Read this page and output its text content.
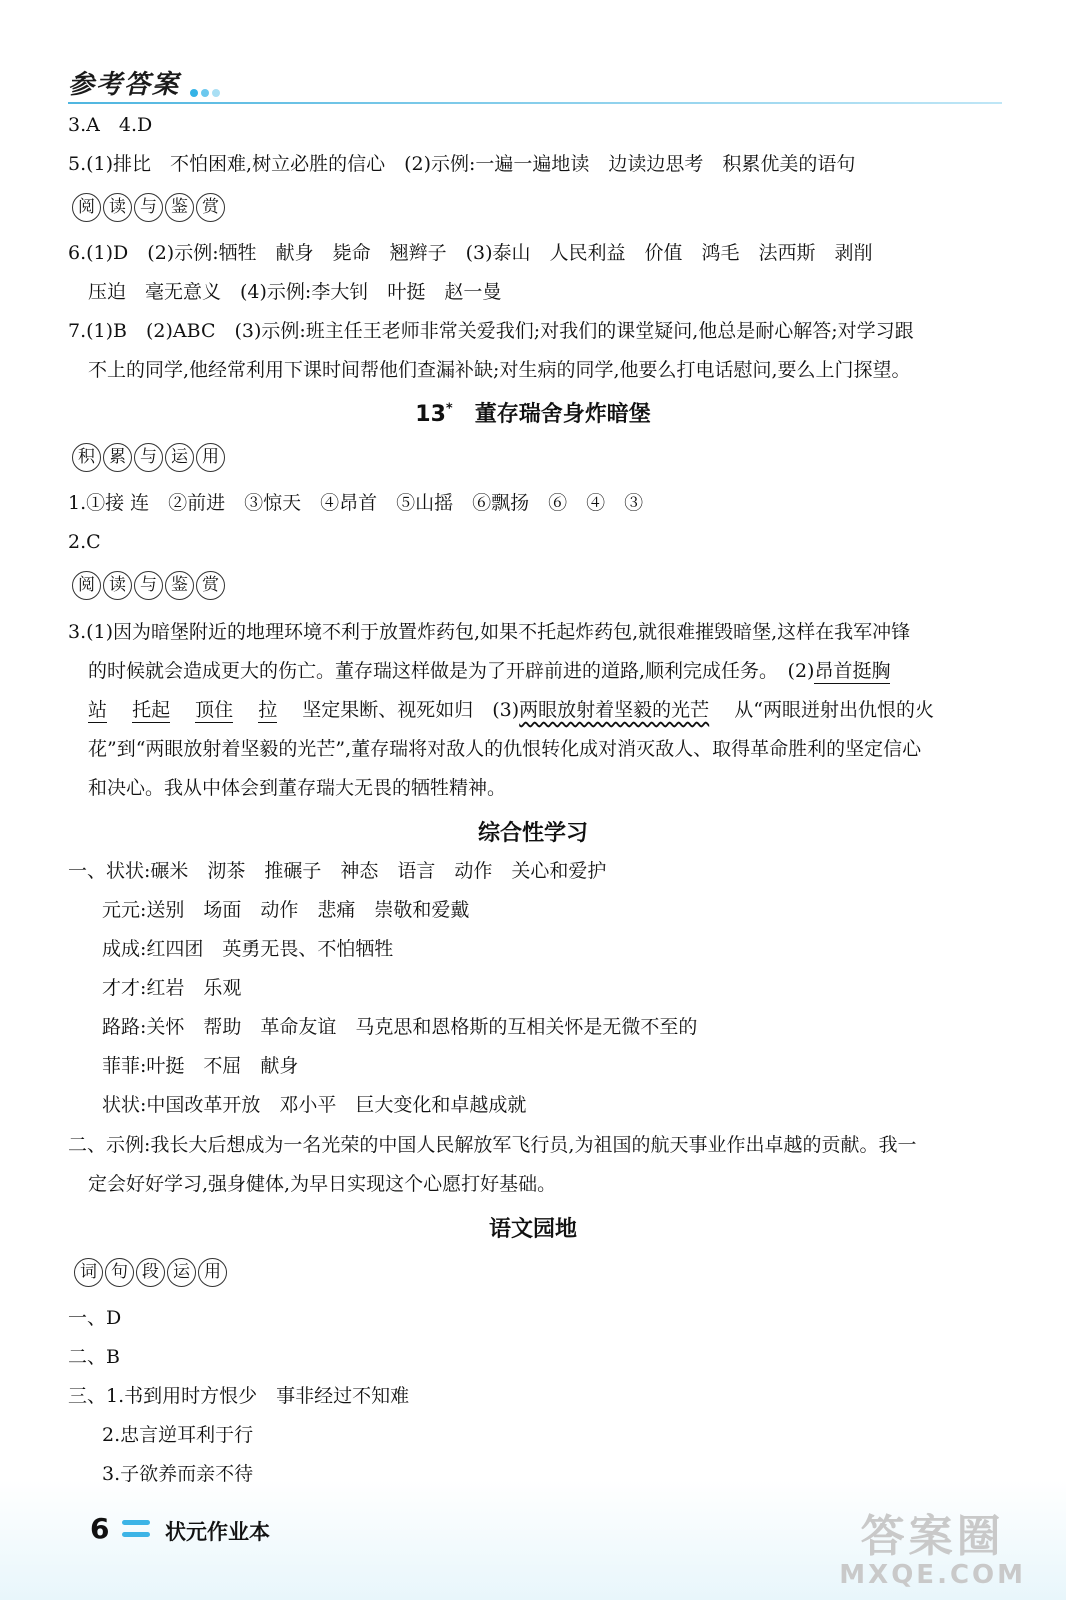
参考答案
3.A　4.D
5.(1)排比　不怕困难,树立必胜的信心　(2)示例:一遍一遍地读　边读边思考　积累优美的语句
阅 读 与 鉴 赏
6.(1)D　(2)示例:牺牲　献身　毙命　翘辫子　(3)泰山　人民利益　价值　鸿毛　法西斯　剥削
压迫　毫无意义　(4)示例:李大钊　叶挺　赵一曼
7.(1)B　(2)ABC　(3)示例:班主任王老师非常关爱我们;对我们的课堂疑问,他总是耐心解答;对学习跟
不上的同学,他经常利用下课时间帮他们查漏补缺;对生病的同学,他要么打电话慰问,要么上门探望。
13*　 董存瑞舍身炸暗堡
积 累 与 运 用
1.①接 连　②前进　③惊天　④昂首　⑤山摇　⑥飘扬　⑥　④　③
2.C
阅 读 与 鉴 赏
3.(1)因为暗堡附近的地理环境不利于放置炸药包,如果不托起炸药包,就很难摧毁暗堡,这样在我军冲锋
的时候就会造成更大的伤亡。董存瑞这样做是为了开辟前进的道路,顺利完成任务。　(2)昂首挺胸
站　 托起　 顶住　 拉　 坚定果断、视死如归　(3)两眼放射着坚毅的光芒　 从“两眼迸射出仇恨的火
花”到“两眼放射着坚毅的光芒”,董存瑞将对敌人的仇恨转化成对消灭敌人、取得革命胜利的坚定信心
和决心。我从中体会到董存瑞大无畏的牺牲精神。
综合性学习
一、状状:碾米　沏茶　推碾子　神态　语言　动作　关心和爱护
元元:送别　场面　动作　悲痛　崇敬和爱戴
成成:红四团　英勇无畏、不怕牺牲
才才:红岩　乐观
路路:关怀　帮助　革命友谊　马克思和恩格斯的互相关怀是无微不至的
菲菲:叶挺　不屈　献身
状状:中国改革开放　邓小平　巨大变化和卓越成就
二、示例:我长大后想成为一名光荣的中国人民解放军飞行员,为祖国的航天事业作出卓越的贡献。我一
定会好好学习,强身健体,为早日实现这个心愿打好基础。
语文园地
词 句 段 运 用
一、D
二、B
三、1.书到用时方恨少　事非经过不知难
2.忠言逆耳利于行
3.子欲养而亲不待
6	状元作业本	答案圈
MXQE.COM
